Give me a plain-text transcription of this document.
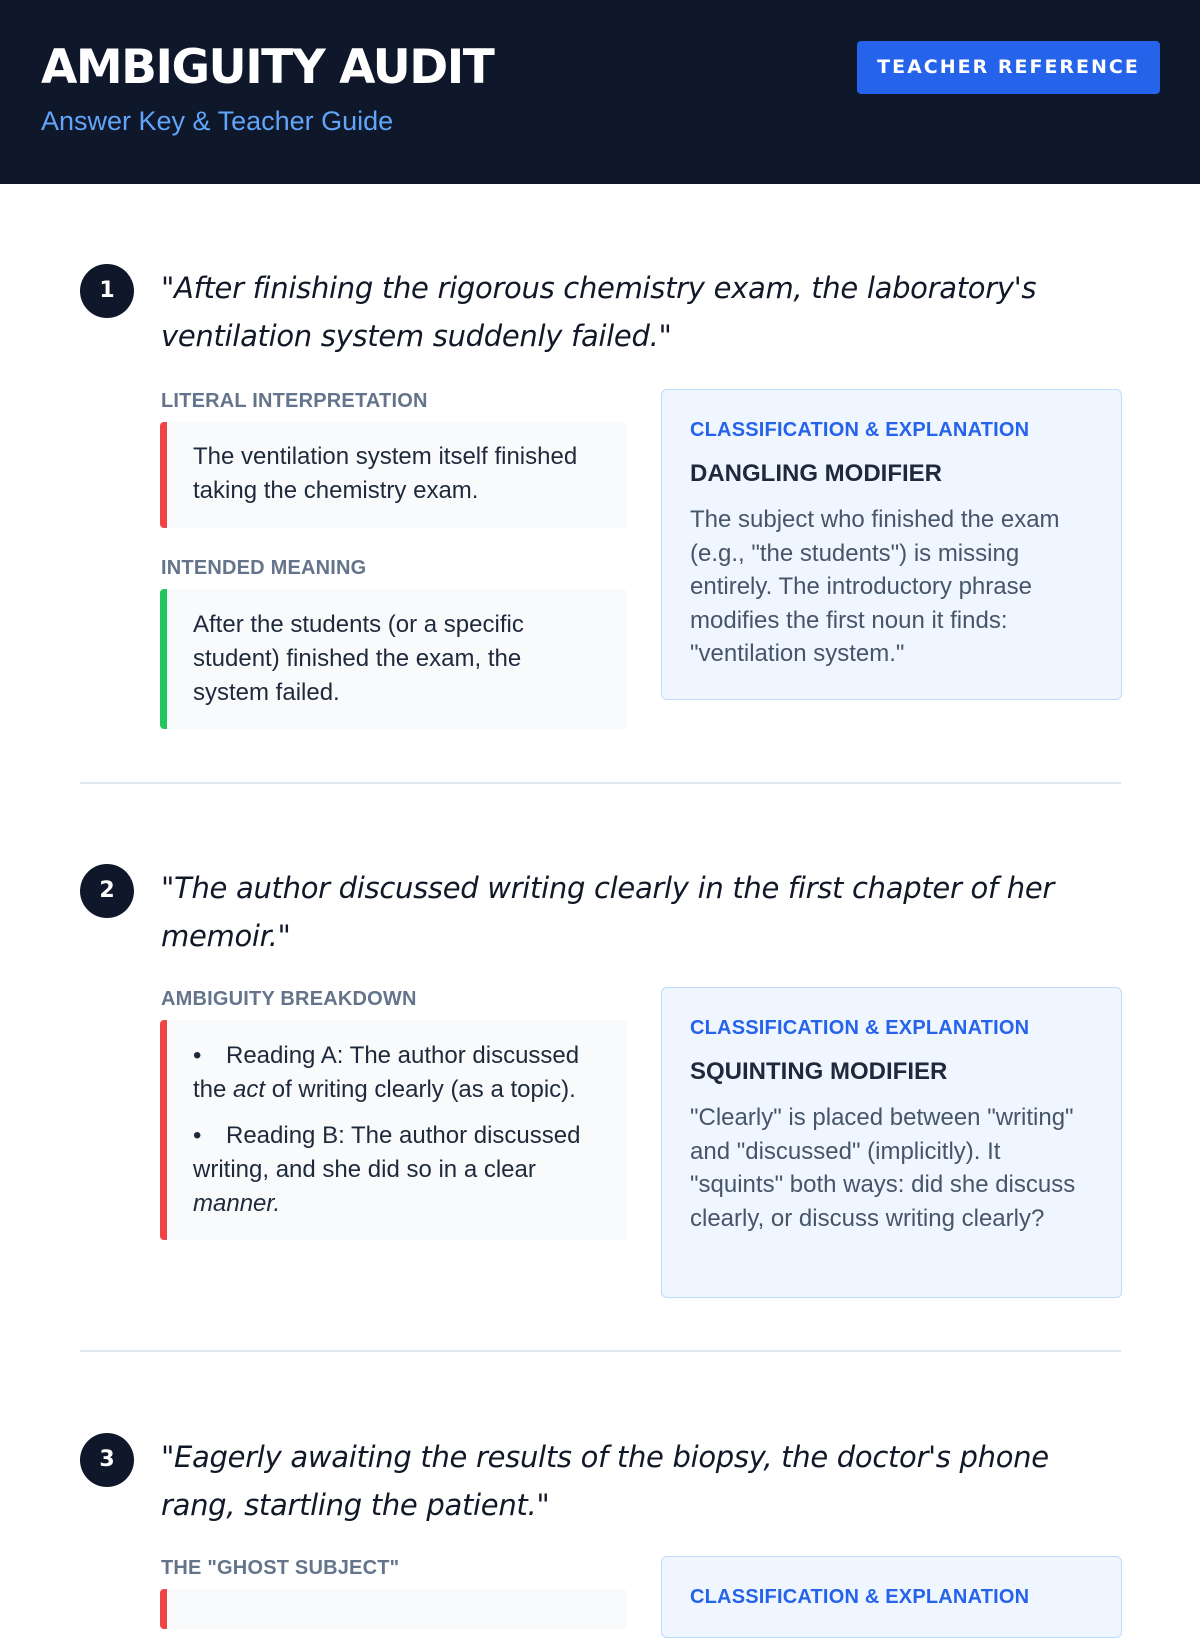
AMBIGUITY AUDIT
Answer Key & Teacher Guide
TEACHER REFERENCE
1	"After finishing the rigorous chemistry exam, the laboratory's ventilation system suddenly failed."
LITERAL INTERPRETATION
The ventilation system itself finished taking the chemistry exam.
INTENDED MEANING
After the students (or a specific student) finished the exam, the system failed.
CLASSIFICATION & EXPLANATION
DANGLING MODIFIER
The subject who finished the exam (e.g., "the students") is missing entirely. The introductory phrase modifies the first noun it finds: "ventilation system."
2	"The author discussed writing clearly in the first chapter of her memoir."
AMBIGUITY BREAKDOWN
• Reading A: The author discussed the act of writing clearly (as a topic).
• Reading B: The author discussed writing, and she did so in a clear manner.
CLASSIFICATION & EXPLANATION
SQUINTING MODIFIER
"Clearly" is placed between "writing" and "discussed" (implicitly). It "squints" both ways: did she discuss clearly, or discuss writing clearly?
3	"Eagerly awaiting the results of the biopsy, the doctor's phone rang, startling the patient."
THE "GHOST SUBJECT"
CLASSIFICATION & EXPLANATION
